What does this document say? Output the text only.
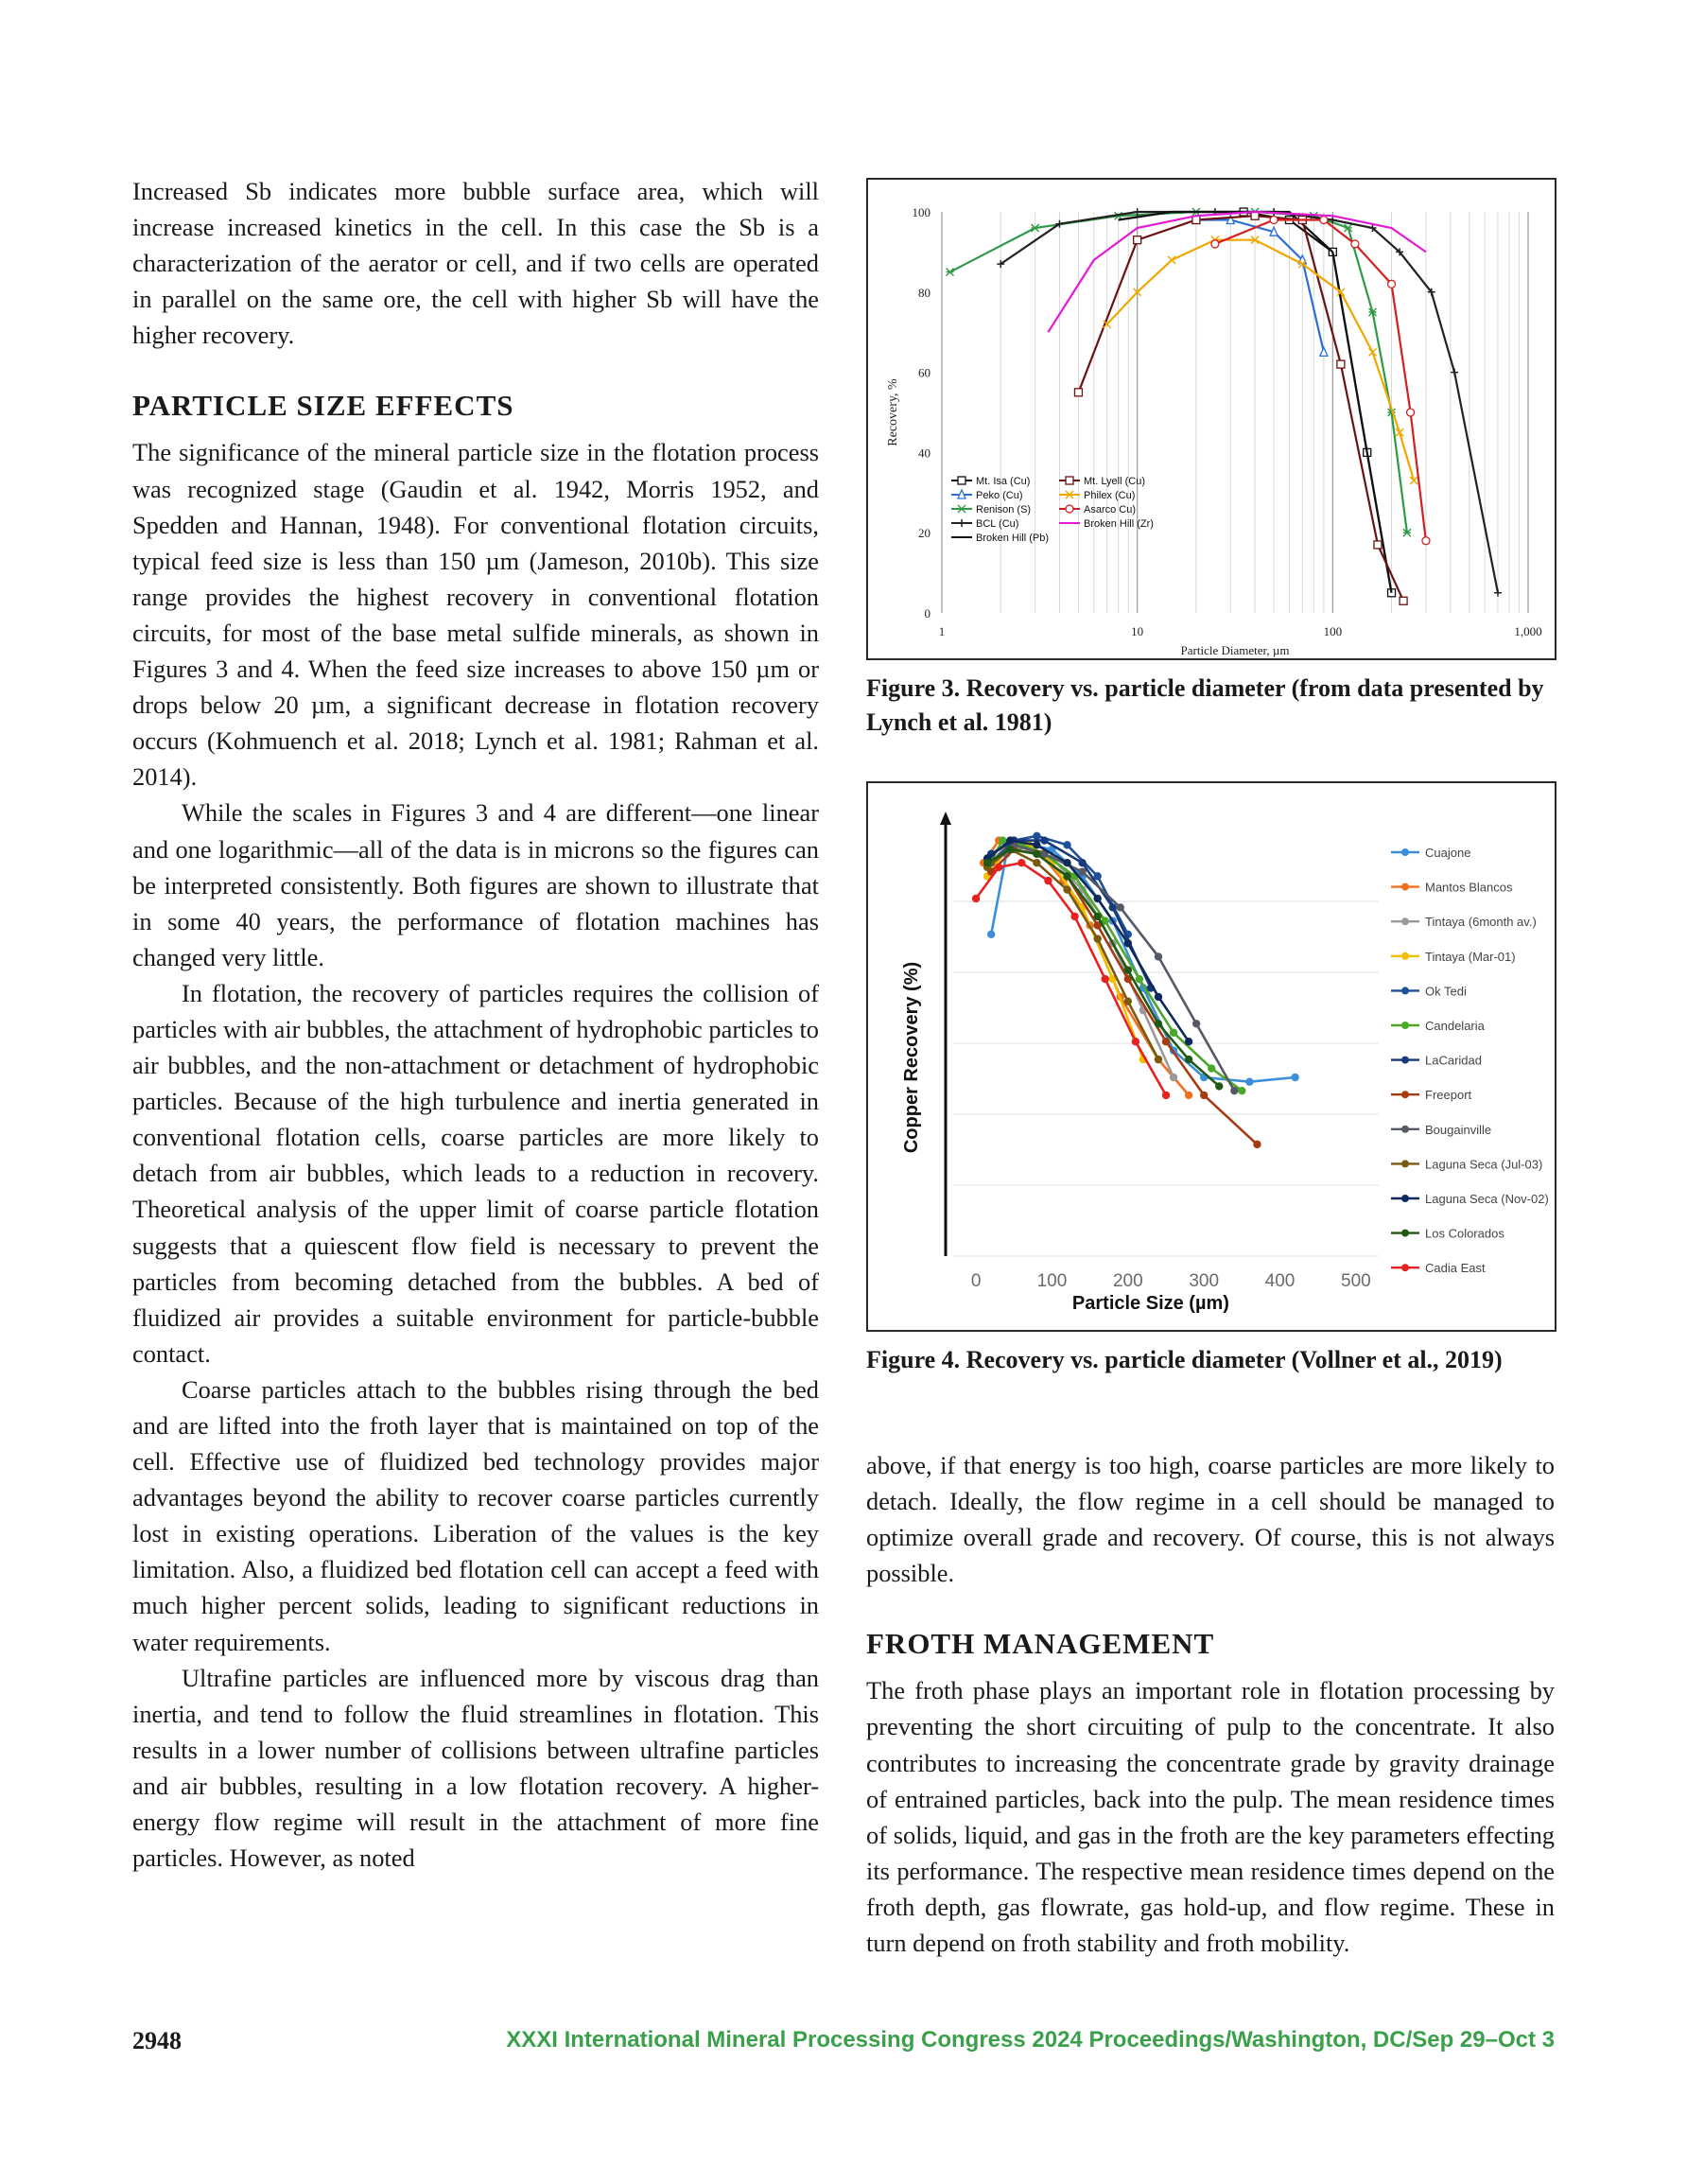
Increased Sb indicates more bubble surface area, which will increase increased kinetics in the cell. In this case the Sb is a characterization of the aerator or cell, and if two cells are operated in parallel on the same ore, the cell with higher Sb will have the higher recovery.

PARTICLE SIZE EFFECTS

The significance of the mineral particle size in the flotation process was recognized stage (Gaudin et al. 1942, Morris 1952, and Spedden and Hannan, 1948). For conventional flotation circuits, typical feed size is less than 150 µm (Jameson, 2010b). This size range provides the highest recovery in conventional flotation circuits, for most of the base metal sulfide minerals, as shown in Figures 3 and 4. When the feed size increases to above 150 µm or drops below 20 µm, a significant decrease in flotation recovery occurs (Kohmuench et al. 2018; Lynch et al. 1981; Rahman et al. 2014).

While the scales in Figures 3 and 4 are different—one linear and one logarithmic—all of the data is in microns so the figures can be interpreted consistently. Both figures are shown to illustrate that in some 40 years, the performance of flotation machines has changed very little.

In flotation, the recovery of particles requires the collision of particles with air bubbles, the attachment of hydrophobic particles to air bubbles, and the non-attachment or detachment of hydrophobic particles. Because of the high turbulence and inertia generated in conventional flotation cells, coarse particles are more likely to detach from air bubbles, which leads to a reduction in recovery. Theoretical analysis of the upper limit of coarse particle flotation suggests that a quiescent flow field is necessary to prevent the particles from becoming detached from the bubbles. A bed of fluidized air provides a suitable environment for particle-bubble contact.

Coarse particles attach to the bubbles rising through the bed and are lifted into the froth layer that is maintained on top of the cell. Effective use of fluidized bed technology provides major advantages beyond the ability to recover coarse particles currently lost in existing operations. Liberation of the values is the key limitation. Also, a fluidized bed flotation cell can accept a feed with much higher percent solids, leading to significant reductions in water requirements.

Ultrafine particles are influenced more by viscous drag than inertia, and tend to follow the fluid streamlines in flotation. This results in a lower number of collisions between ultrafine particles and air bubbles, resulting in a low flotation recovery. A higher-energy flow regime will result in the attachment of more fine particles. However, as noted

1	10	100	1,000
0
20
40
60
80
100
Particle Diameter, µm
Recovery, %
Mt. Isa (Cu)
Peko (Cu)
Renison (S)
BCL (Cu)
Broken Hill (Pb)
Mt. Lyell (Cu)
Philex (Cu)
Asarco Cu)
Broken Hill (Zr)
Figure 3. Recovery vs. particle diameter (from data presented by Lynch et al. 1981)
0	100	200	300	400	500
Particle Size (µm)
Copper Recovery (%)
Cuajone
Mantos Blancos
Tintaya (6month av.)
Tintaya (Mar-01)
Ok Tedi
Candelaria
LaCaridad
Freeport
Bougainville
Laguna Seca (Jul-03)
Laguna Seca (Nov-02)
Los Colorados
Cadia East
Figure 4. Recovery vs. particle diameter (Vollner et al., 2019)

above, if that energy is too high, coarse particles are more likely to detach. Ideally, the flow regime in a cell should be managed to optimize overall grade and recovery. Of course, this is not always possible.

FROTH MANAGEMENT

The froth phase plays an important role in flotation processing by preventing the short circuiting of pulp to the concentrate. It also contributes to increasing the concentrate grade by gravity drainage of entrained particles, back into the pulp. The mean residence times of solids, liquid, and gas in the froth are the key parameters effecting its performance. The respective mean residence times depend on the froth depth, gas flowrate, gas hold-up, and flow regime. These in turn depend on froth stability and froth mobility.

2948	XXXI International Mineral Processing Congress 2024 Proceedings/Washington, DC/Sep 29–Oct 3
